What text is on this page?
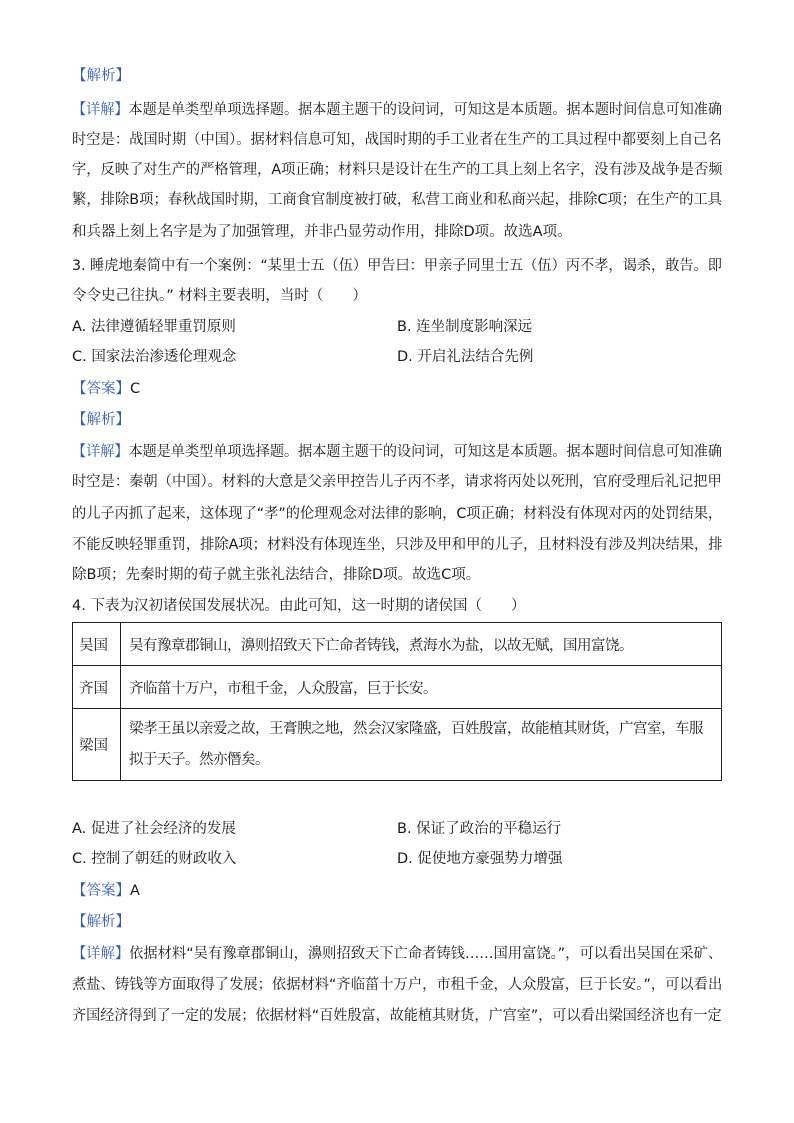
【解析】
【详解】本题是单类型单项选择题。据本题主题干的设问词，可知这是本质题。据本题时间信息可知准确
时空是：战国时期（中国）。据材料信息可知，战国时期的手工业者在生产的工具过程中都要刻上自己名
字，反映了对生产的严格管理，A项正确；材料只是设计在生产的工具上刻上名字，没有涉及战争是否频
繁，排除B项；春秋战国时期，工商食官制度被打破，私营工商业和私商兴起，排除C项；在生产的工具
和兵器上刻上名字是为了加强管理，并非凸显劳动作用，排除D项。故选A项。
3. 睡虎地秦简中有一个案例：“某里士五（伍）甲告曰：甲亲子同里士五（伍）丙不孝，谒杀，敢告。即
令令史己往执。” 材料主要表明，当时（　　）
A. 法律遵循轻罪重罚原则	B. 连坐制度影响深远
C. 国家法治渗透伦理观念	D. 开启礼法结合先例
【答案】C
【解析】
【详解】本题是单类型单项选择题。据本题主题干的设问词，可知这是本质题。据本题时间信息可知准确
时空是：秦朝（中国）。材料的大意是父亲甲控告儿子丙不孝，请求将丙处以死刑，官府受理后礼记把甲
的儿子丙抓了起来，这体现了“孝”的伦理观念对法律的影响，C项正确；材料没有体现对丙的处罚结果，
不能反映轻罪重罚，排除A项；材料没有体现连坐，只涉及甲和甲的儿子，且材料没有涉及判决结果，排
除B项；先秦时期的荀子就主张礼法结合，排除D项。故选C项。
4. 下表为汉初诸侯国发展状况。由此可知，这一时期的诸侯国（　　）
吴国	吴有豫章郡铜山，濞则招致天下亡命者铸钱，煮海水为盐，以故无赋，国用富饶。
齐国	齐临菑十万户，市租千金，人众殷富，巨于长安。
梁国	梁孝王虽以亲爱之故，王膏腴之地，然会汉家隆盛，百姓殷富，故能植其财货，广宫室，车服
拟于天子。然亦僭矣。
A. 促进了社会经济的发展	B. 保证了政治的平稳运行
C. 控制了朝廷的财政收入	D. 促使地方豪强势力增强
【答案】A
【解析】
【详解】依据材料“吴有豫章郡铜山，濞则招致天下亡命者铸钱……国用富饶。”，可以看出吴国在采矿、
煮盐、铸钱等方面取得了发展；依据材料“齐临菑十万户，市租千金，人众殷富，巨于长安。”，可以看出
齐国经济得到了一定的发展；依据材料“百姓殷富，故能植其财货，广宫室”，可以看出梁国经济也有一定
